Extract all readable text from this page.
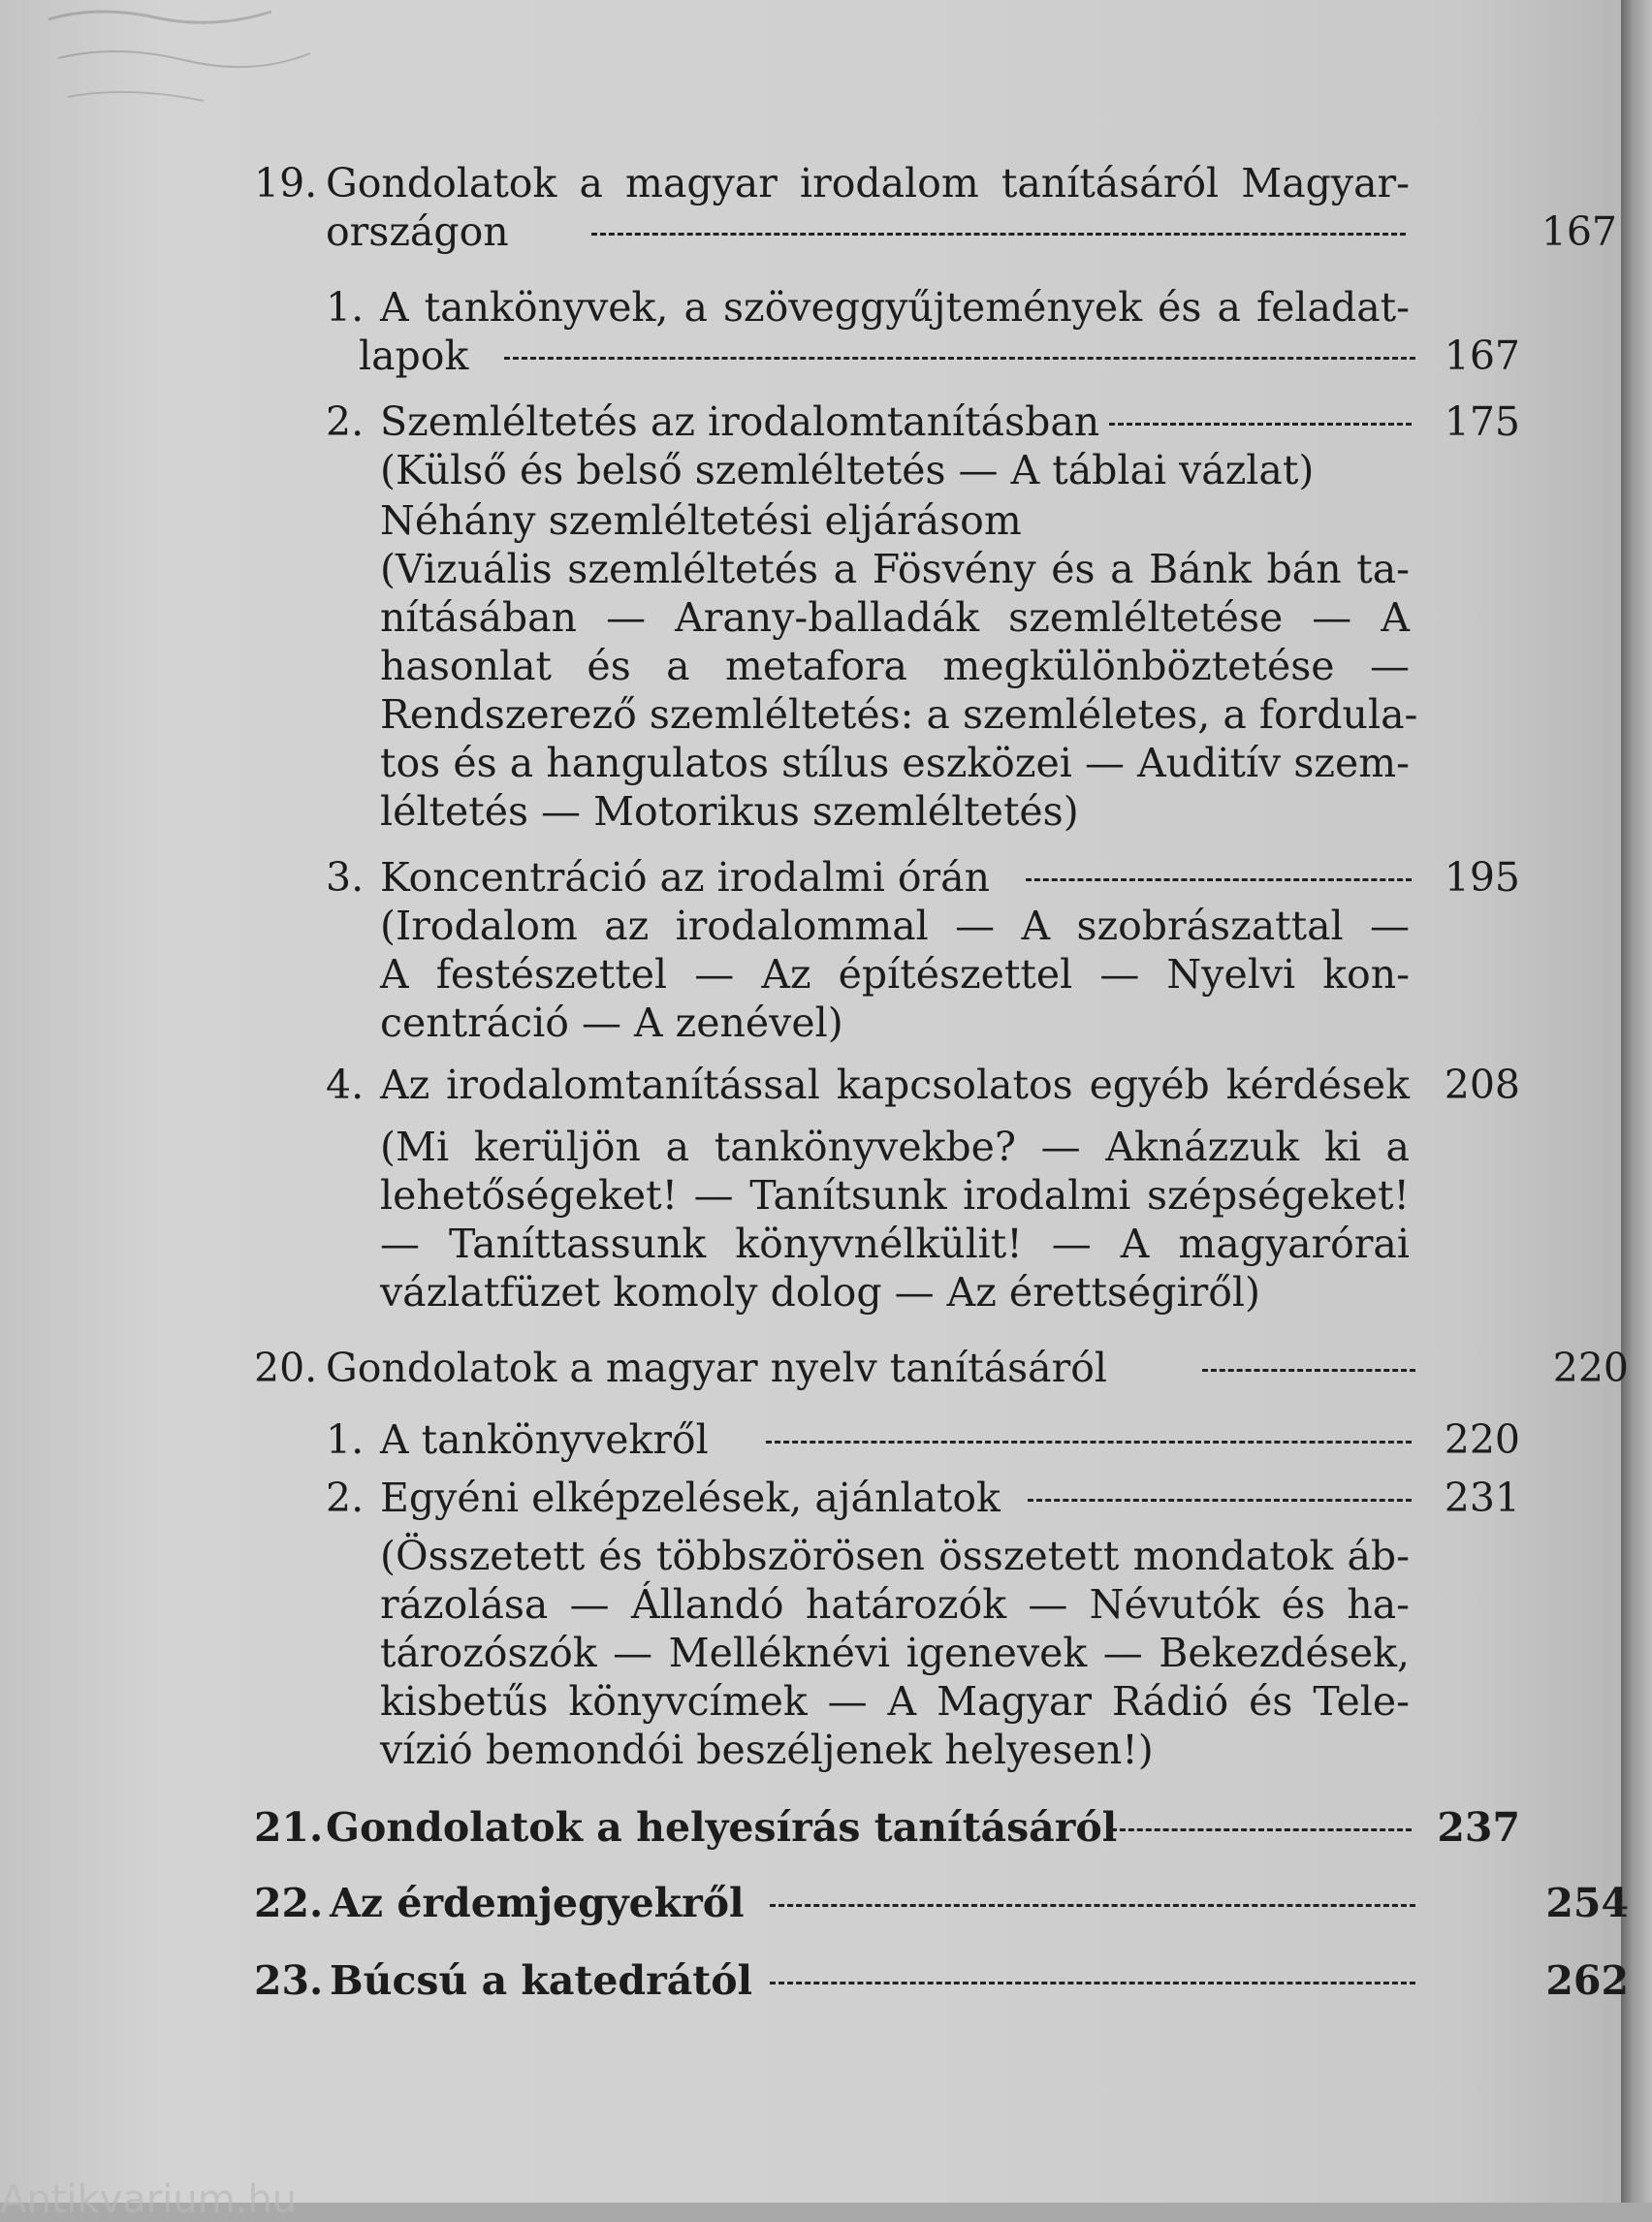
19. Gondolatok a magyar irodalom tanításáról Magyar-
országon	167
1. A tankönyvek, a szöveggyűjtemények és a feladat-
lapok	167
2. Szemléltetés az irodalomtanításban	175
(Külső és belső szemléltetés — A táblai vázlat)
Néhány szemléltetési eljárásom
(Vizuális szemléltetés a Fösvény és a Bánk bán ta-
nításában — Arany-balladák szemléltetése — A
hasonlat és a metafora megkülönböztetése —
Rendszerező szemléltetés: a szemléletes, a fordula-
tos és a hangulatos stílus eszközei — Auditív szem-
léltetés — Motorikus szemléltetés)
3. Koncentráció az irodalmi órán	195
(Irodalom az irodalommal — A szobrászattal —
A festészettel — Az építészettel — Nyelvi kon-
centráció — A zenével)
4. Az irodalomtanítással kapcsolatos egyéb kérdések 208
(Mi kerüljön a tankönyvekbe? — Aknázzuk ki a
lehetőségeket! — Tanítsunk irodalmi szépségeket!
— Taníttassunk könyvnélkülit! — A magyarórai
vázlatfüzet komoly dolog — Az érettségiről)
20. Gondolatok a magyar nyelv tanításáról	220
1. A tankönyvekről	220
2. Egyéni elképzelések, ajánlatok	231
(Összetett és többszörösen összetett mondatok áb-
rázolása — Állandó határozók — Névutók és ha-
tározószók — Melléknévi igenevek — Bekezdések,
kisbetűs könyvcímek — A Magyar Rádió és Tele-
vízió bemondói beszéljenek helyesen!)
21. Gondolatok a helyesírás tanításáról	237
22. Az érdemjegyekről	254
23. Búcsú a katedrától	262
Antikvarium.hu
